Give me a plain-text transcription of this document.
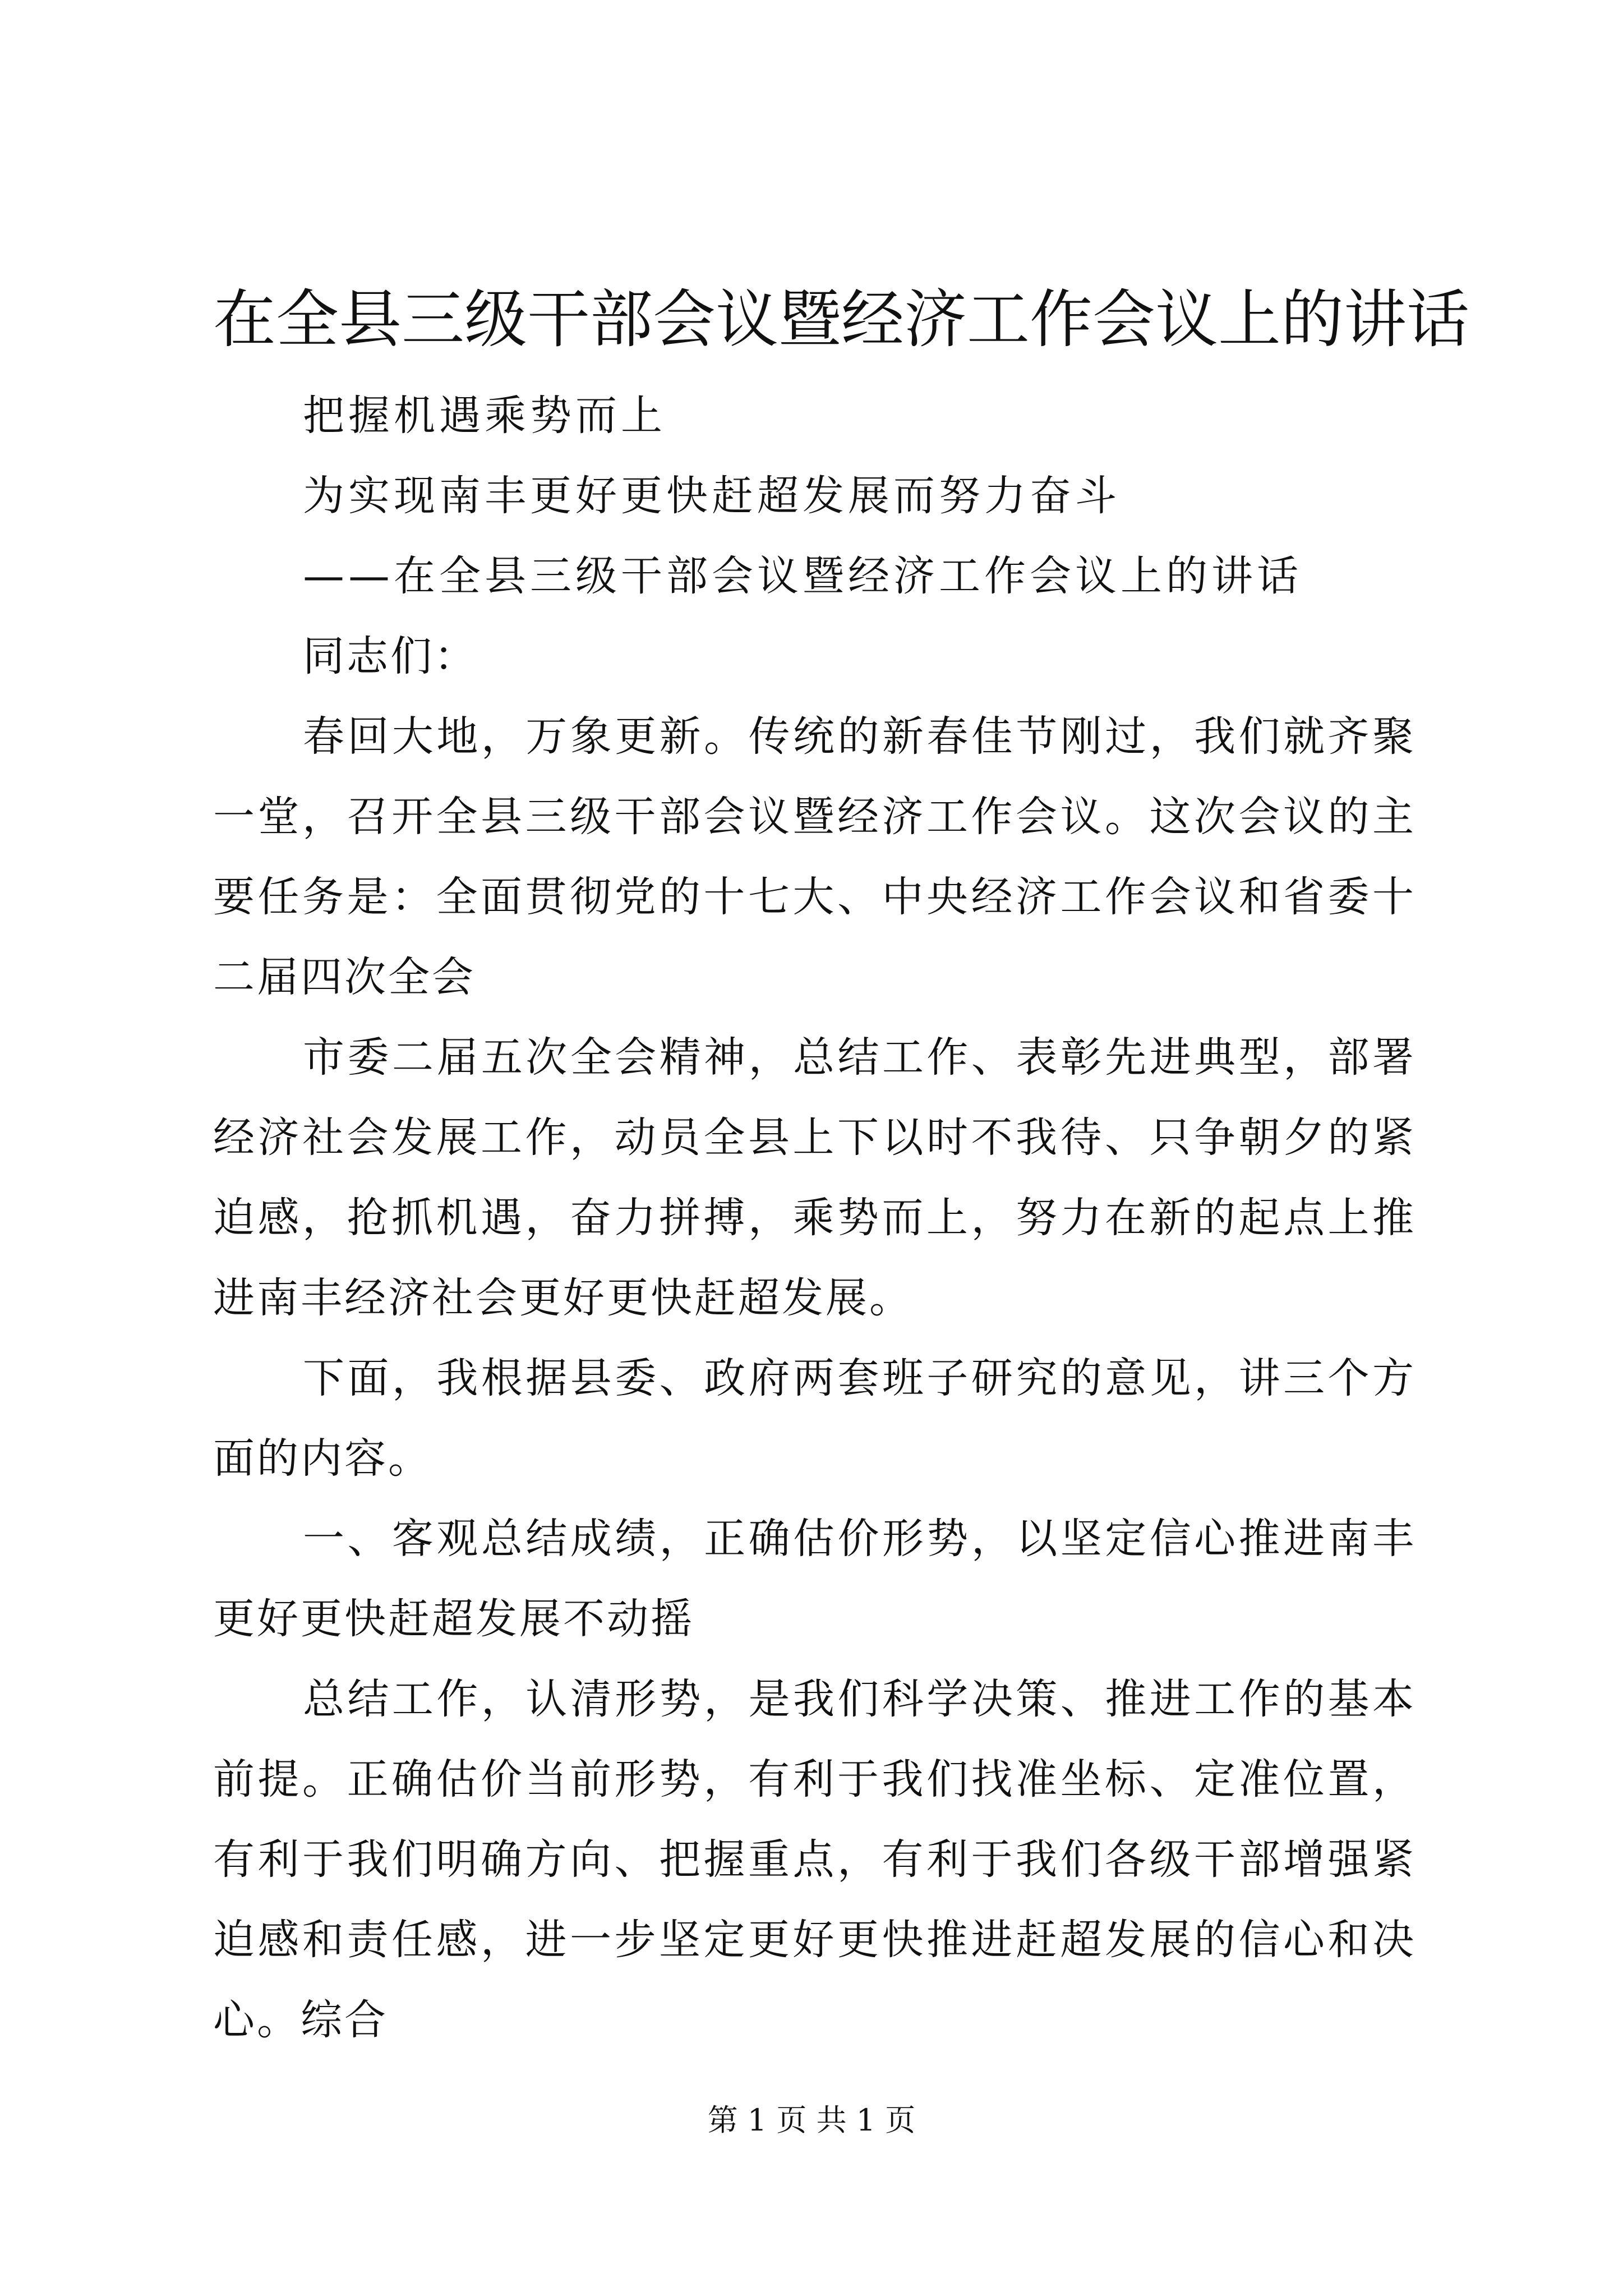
在全县三级干部会议暨经济工作会议上的讲话

把握机遇乘势而上

为实现南丰更好更快赶超发展而努力奋斗

——在全县三级干部会议暨经济工作会议上的讲话

同志们：

春回大地，万象更新。传统的新春佳节刚过，我们就齐聚一堂，召开全县三级干部会议暨经济工作会议。这次会议的主要任务是：全面贯彻党的十七大、中央经济工作会议和省委十二届四次全会

市委二届五次全会精神，总结工作、表彰先进典型，部署经济社会发展工作，动员全县上下以时不我待、只争朝夕的紧迫感，抢抓机遇，奋力拼搏，乘势而上，努力在新的起点上推进南丰经济社会更好更快赶超发展。

下面，我根据县委、政府两套班子研究的意见，讲三个方面的内容。

一、客观总结成绩，正确估价形势，以坚定信心推进南丰更好更快赶超发展不动摇

总结工作，认清形势，是我们科学决策、推进工作的基本前提。正确估价当前形势，有利于我们找准坐标、定准位置，有利于我们明确方向、把握重点，有利于我们各级干部增强紧迫感和责任感，进一步坚定更好更快推进赶超发展的信心和决心。综合

第 1 页 共 1 页
